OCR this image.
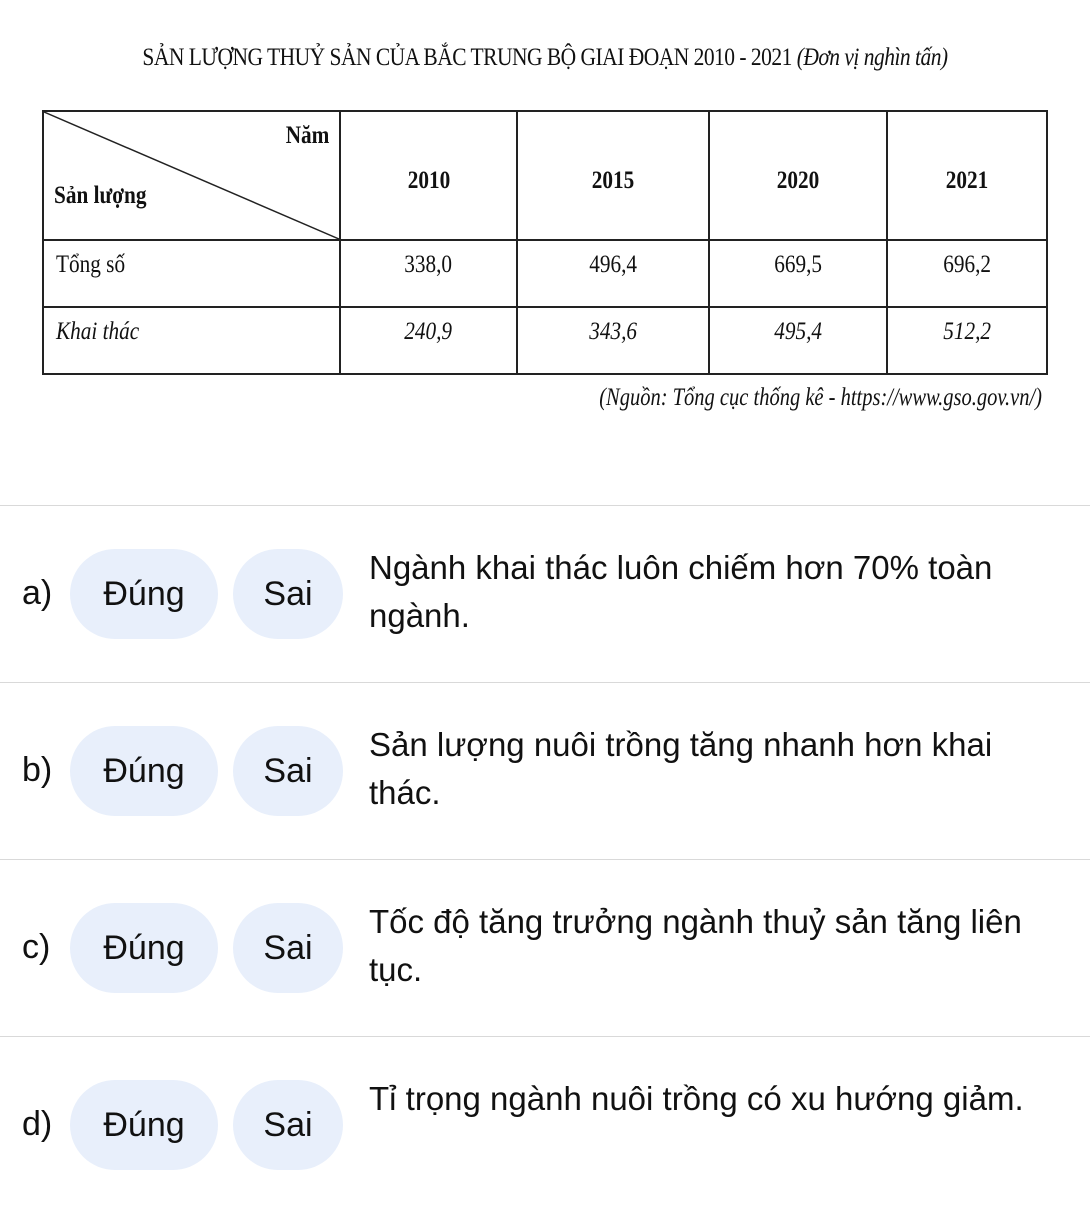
SẢN LƯỢNG THUỶ SẢN CỦA BẮC TRUNG BỘ GIAI ĐOẠN 2010 - 2021 (Đơn vị nghìn tấn)
Năm
Sản lượng	2010	2015	2020	2021
Tổng số	338,0	496,4	669,5	696,2
Khai thác	240,9	343,6	495,4	512,2
(Nguồn: Tổng cục thống kê - https://www.gso.gov.vn/)
a)	Đúng	Sai
Ngành khai thác luôn chiếm hơn 70% toàn ngành.
b)	Đúng	Sai
Sản lượng nuôi trồng tăng nhanh hơn khai thác.
c)	Đúng	Sai
Tốc độ tăng trưởng ngành thuỷ sản tăng liên tục.
d)	Đúng	Sai
Tỉ trọng ngành nuôi trồng có xu hướng giảm.
